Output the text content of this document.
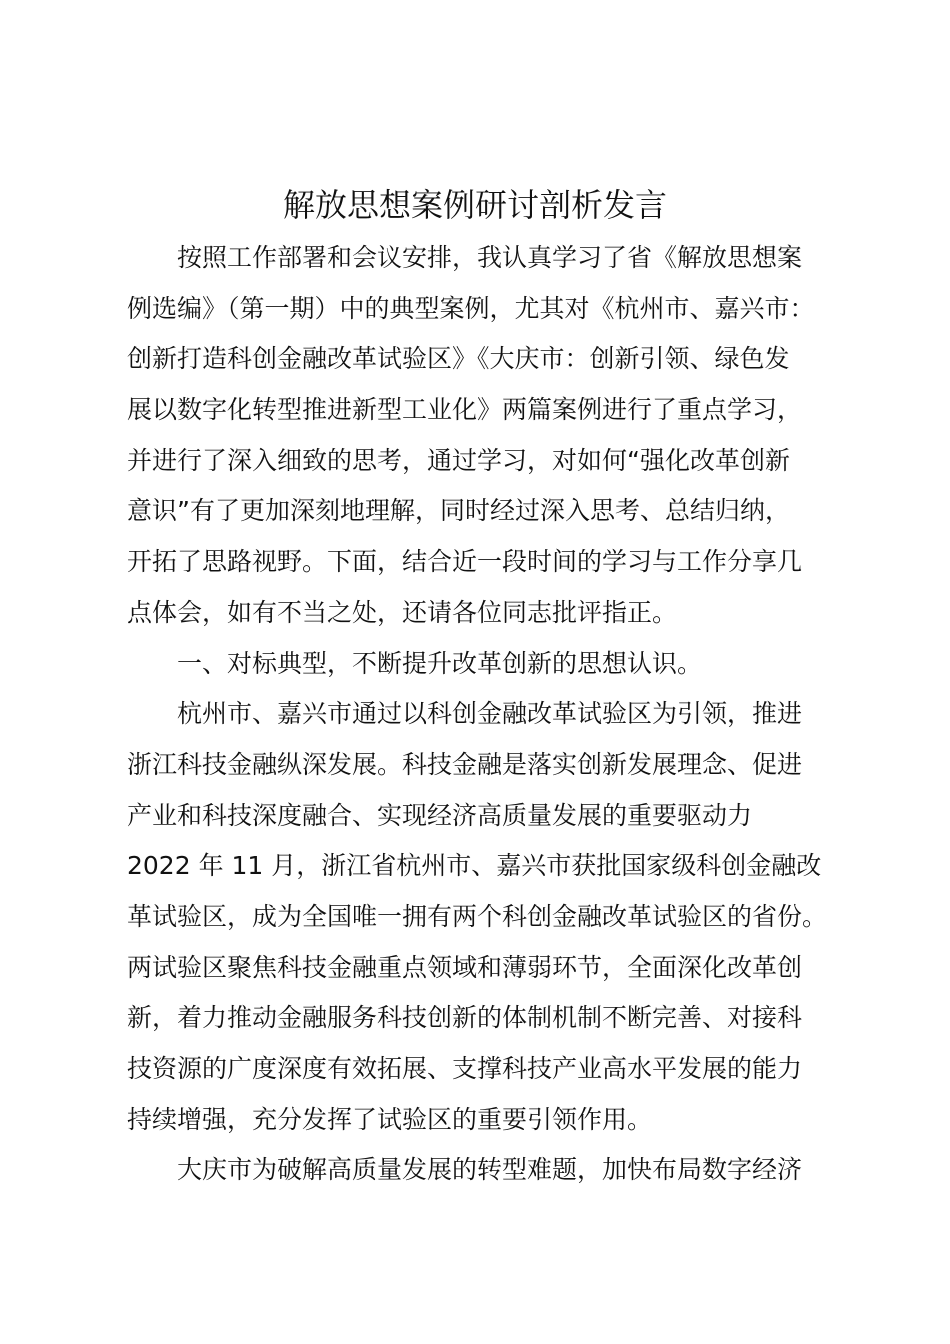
解放思想案例研讨剖析发言
按照工作部署和会议安排，我认真学习了省《解放思想案
例选编》（第一期）中的典型案例，尤其对《杭州市、嘉兴市：
创新打造科创金融改革试验区》《大庆市：创新引领、绿色发
展以数字化转型推进新型工业化》两篇案例进行了重点学习，
并进行了深入细致的思考，通过学习，对如何“强化改革创新
意识”有了更加深刻地理解，同时经过深入思考、总结归纳，
开拓了思路视野。下面，结合近一段时间的学习与工作分享几
点体会，如有不当之处，还请各位同志批评指正。
一、对标典型，不断提升改革创新的思想认识。
杭州市、嘉兴市通过以科创金融改革试验区为引领，推进
浙江科技金融纵深发展。科技金融是落实创新发展理念、促进
产业和科技深度融合、实现经济高质量发展的重要驱动力
2022 年 11 月，浙江省杭州市、嘉兴市获批国家级科创金融改
革试验区，成为全国唯一拥有两个科创金融改革试验区的省份。
两试验区聚焦科技金融重点领域和薄弱环节，全面深化改革创
新，着力推动金融服务科技创新的体制机制不断完善、对接科
技资源的广度深度有效拓展、支撑科技产业高水平发展的能力
持续增强，充分发挥了试验区的重要引领作用。
大庆市为破解高质量发展的转型难题，加快布局数字经济
